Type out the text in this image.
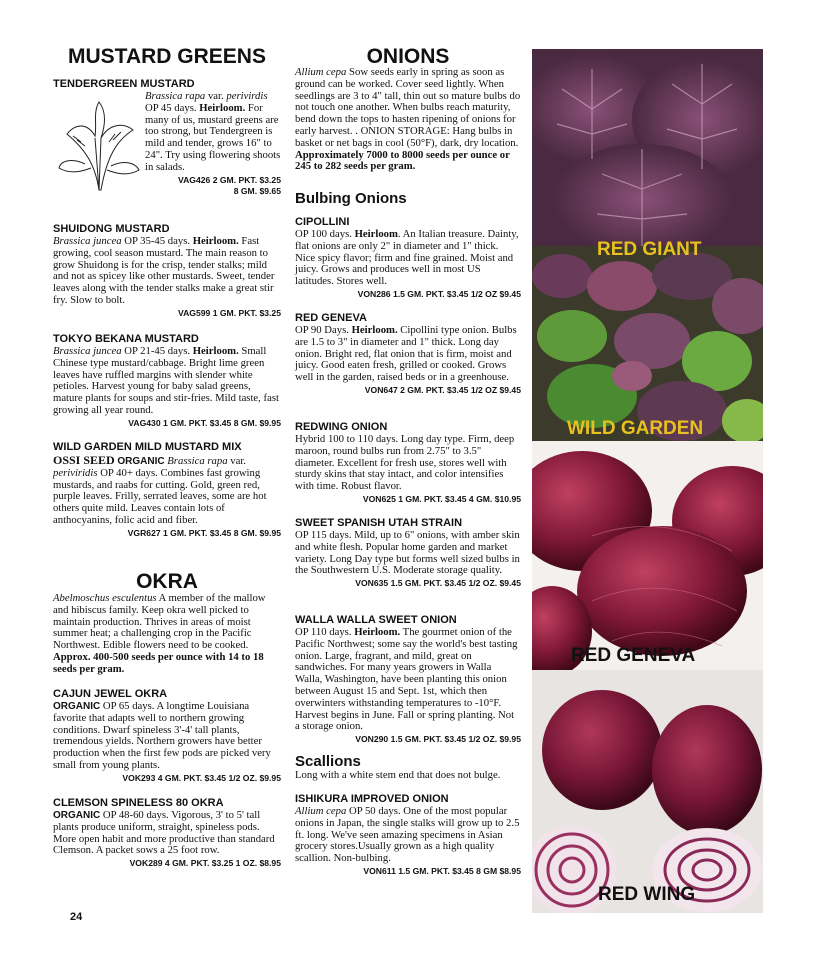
MUSTARD GREENS
TENDERGREEN MUSTARD

Brassica rapa var. perivirdis OP 45 days. Heirloom. For many of us, mustard greens are too strong, but Tendergreen is mild and tender, grows 16" to 24". Try using flowering shoots in salads.

VAG426 2 GM. PKT. $3.25
8 GM. $9.65
SHUIDONG MUSTARD

Brassica juncea OP 35-45 days. Heirloom. Fast growing, cool season mustard. The main reason to grow Shuidong is for the crisp, tender stalks; mild and not as spicey like other mustards. Sweet, tender leaves along with the tender stalks make a great stir fry. Slow to bolt.

VAG599 1 GM. PKT. $3.25
TOKYO BEKANA MUSTARD

Brassica juncea OP 21-45 days. Heirloom. Small Chinese type mustard/cabbage. Bright lime green leaves have ruffled margins with slender white petioles. Harvest young for baby salad greens, mature plants for soups and stir-fries. Mild taste, fast growing all year round.

VAG430 1 GM. PKT. $3.45 8 GM. $9.95
WILD GARDEN MILD MUSTARD MIX

OSSI SEED ORGANIC Brassica rapa var. periviridis OP 40+ days. Combines fast growing mustards, and raabs for cutting. Gold, green red, purple leaves. Frilly, serrated leaves, some are hot others quite mild. Leaves contain lots of anthocyanins, folic acid and fiber.

VGR627 1 GM. PKT. $3.45 8 GM. $9.95
OKRA

Abelmoschus esculentus A member of the mallow and hibiscus family. Keep okra well picked to maintain production. Thrives in areas of moist summer heat; a challenging crop in the Pacific Northwest. Edible flowers need to be cooked. Approx. 400-500 seeds per ounce with 14 to 18 seeds per gram.

CAJUN JEWEL OKRA

ORGANIC OP 65 days. A longtime Louisiana favorite that adapts well to northern growing conditions. Dwarf spineless 3'-4' tall plants, tremendous yields. Northern growers have better production when the first few pods are picked very small from young plants.

VOK293 4 GM. PKT. $3.45 1/2 OZ. $9.95
CLEMSON SPINELESS 80 OKRA

ORGANIC OP 48-60 days. Vigorous, 3' to 5' tall plants produce uniform, straight, spineless pods. More open habit and more productive than standard Clemson. A packet sows a 25 foot row.

VOK289 4 GM. PKT. $3.25 1 OZ. $8.95
ONIONS

Allium cepa Sow seeds early in spring as soon as ground can be worked. Cover seed lightly. When seedlings are 3 to 4" tall, thin out so mature bulbs do not touch one another. When bulbs reach maturity, bend down the tops to hasten ripening of onions for early harvest. . ONION STORAGE: Hang bulbs in basket or net bags in cool (50°F), dark, dry location. Approximately 7000 to 8000 seeds per ounce or 245 to 282 seeds per gram.

Bulbing Onions
CIPOLLINI

OP 100 days. Heirloom. An Italian treasure. Dainty, flat onions are only 2" in diameter and 1" thick. Nice spicy flavor; firm and fine grained. Moist and juicy. Grows and produces well in most US latitudes. Stores well.

VON286 1.5 GM. PKT. $3.45 1/2 OZ $9.45
RED GENEVA

OP 90 Days. Heirloom. Cipollini type onion. Bulbs are 1.5 to 3" in diameter and 1" thick. Long day onion. Bright red, flat onion that is firm, moist and juicy. Good eaten fresh, grilled or cooked. Grows well in the garden, raised beds or in a greenhouse.

VON647 2 GM. PKT. $3.45 1/2 OZ $9.45
REDWING ONION

Hybrid 100 to 110 days. Long day type. Firm, deep maroon, round bulbs run from 2.75" to 3.5" diameter. Excellent for fresh use, stores well with sturdy skins that stay intact, and color intensifies with time. Robust flavor.

VON625 1 GM. PKT. $3.45 4 GM. $10.95
SWEET SPANISH UTAH STRAIN

OP 115 days. Mild, up to 6" onions, with amber skin and white flesh. Popular home garden and market variety. Long Day type but forms well sized bulbs in the Southwestern U.S. Moderate storage quality.

VON635 1.5 GM. PKT. $3.45 1/2 OZ. $9.45
WALLA WALLA SWEET ONION

OP 110 days. Heirloom. The gourmet onion of the Pacific Northwest; some say the world's best tasting onion. Large, fragrant, and mild, great on sandwiches. For many years growers in Walla Walla, Washington, have been planting this onion between August 15 and Sept. 1st, which then overwinters withstanding temperatures to -10°F. Harvest begins in June. Fall or spring planting. Not a storage onion.

VON290 1.5 GM. PKT. $3.45 1/2 OZ. $9.95
Scallions

Long with a white stem end that does not bulge.

ISHIKURA IMPROVED ONION

Allium cepa OP 50 days. One of the most popular onions in Japan, the single stalks will grow up to 2.5 ft. long. We've seen amazing specimens in Asian grocery stores.Usually grown as a high quality scallion. Non-bulbing.

VON611 1.5 GM. PKT. $3.45 8 GM $8.95
RED GIANT
WILD GARDEN
RED GENEVA
RED WING
24
